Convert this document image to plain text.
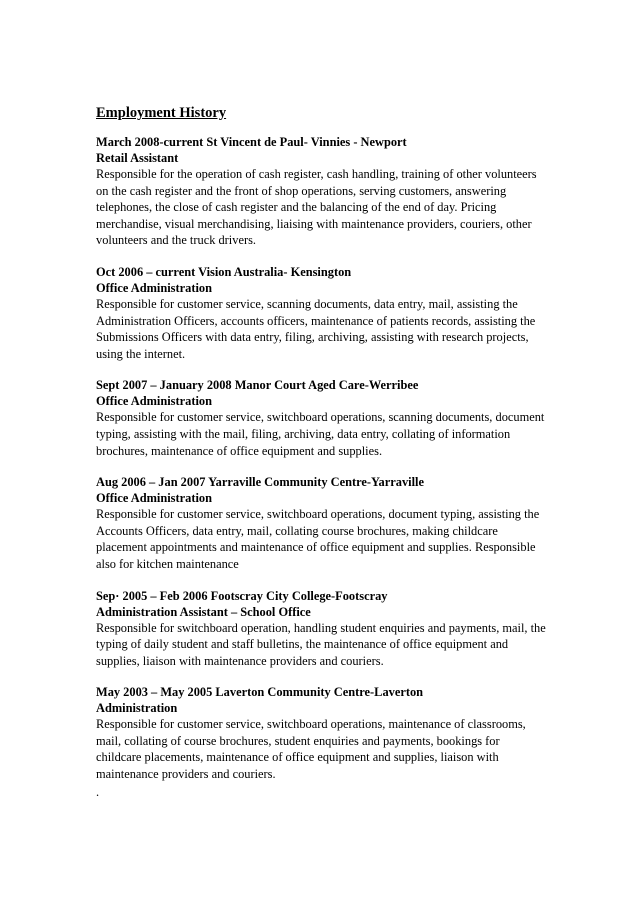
Employment History
March 2008-current St Vincent de Paul- Vinnies - Newport
Retail Assistant
Responsible for the operation of cash register, cash handling, training of other volunteers on the cash register and the front of shop operations, serving customers, answering telephones, the close of cash register and the balancing of the end of day. Pricing merchandise, visual merchandising, liaising with maintenance providers, couriers, other volunteers and the truck drivers.
Oct 2006 – current Vision Australia- Kensington
Office Administration
Responsible for customer service, scanning documents, data entry, mail, assisting the Administration Officers, accounts officers, maintenance of patients records, assisting the Submissions Officers with data entry, filing, archiving, assisting with research projects, using the internet.
Sept 2007 – January 2008 Manor Court Aged Care-Werribee
Office Administration
Responsible for customer service, switchboard operations, scanning documents, document typing, assisting with the mail, filing, archiving, data entry, collating of information brochures, maintenance of office equipment and supplies.
Aug 2006 – Jan 2007 Yarraville Community Centre-Yarraville
Office Administration
Responsible for customer service, switchboard operations, document typing, assisting the Accounts Officers, data entry, mail, collating course brochures, making childcare placement appointments and maintenance of office equipment and supplies. Responsible also for kitchen maintenance
Sep· 2005 – Feb 2006 Footscray City College-Footscray
Administration Assistant – School Office
Responsible for switchboard operation, handling student enquiries and payments, mail, the typing of daily student and staff bulletins, the maintenance of office equipment and supplies, liaison with maintenance providers and couriers.
May 2003 – May 2005 Laverton Community Centre-Laverton
Administration
Responsible for customer service, switchboard operations, maintenance of classrooms, mail, collating of course brochures, student enquiries and payments, bookings for childcare placements, maintenance of office equipment and supplies, liaison with maintenance providers and couriers.
.
